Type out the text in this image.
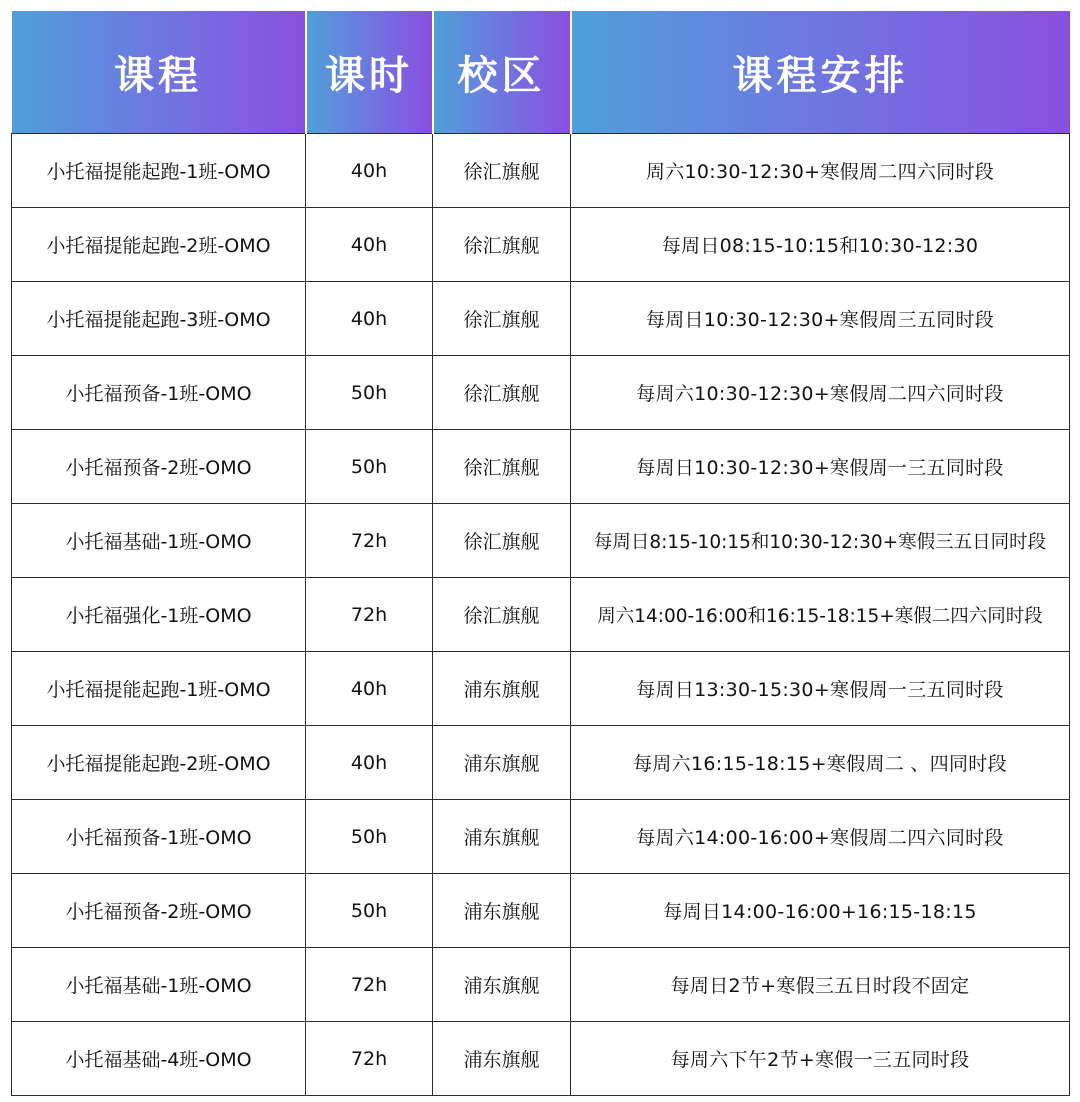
课程	课时	校区	课程安排
小托福提能起跑-1班-OMO	40h	徐汇旗舰	周六10:30-12:30+寒假周二四六同时段
小托福提能起跑-2班-OMO	40h	徐汇旗舰	每周日08:15-10:15和10:30-12:30
小托福提能起跑-3班-OMO	40h	徐汇旗舰	每周日10:30-12:30+寒假周三五同时段
小托福预备-1班-OMO	50h	徐汇旗舰	每周六10:30-12:30+寒假周二四六同时段
小托福预备-2班-OMO	50h	徐汇旗舰	每周日10:30-12:30+寒假周一三五同时段
小托福基础-1班-OMO	72h	徐汇旗舰	每周日8:15-10:15和10:30-12:30+寒假三五日同时段
小托福强化-1班-OMO	72h	徐汇旗舰	周六14:00-16:00和16:15-18:15+寒假二四六同时段
小托福提能起跑-1班-OMO	40h	浦东旗舰	每周日13:30-15:30+寒假周一三五同时段
小托福提能起跑-2班-OMO	40h	浦东旗舰	每周六16:15-18:15+寒假周二 、四同时段
小托福预备-1班-OMO	50h	浦东旗舰	每周六14:00-16:00+寒假周二四六同时段
小托福预备-2班-OMO	50h	浦东旗舰	每周日14:00-16:00+16:15-18:15
小托福基础-1班-OMO	72h	浦东旗舰	每周日2节+寒假三五日时段不固定
小托福基础-4班-OMO	72h	浦东旗舰	每周六下午2节+寒假一三五同时段
